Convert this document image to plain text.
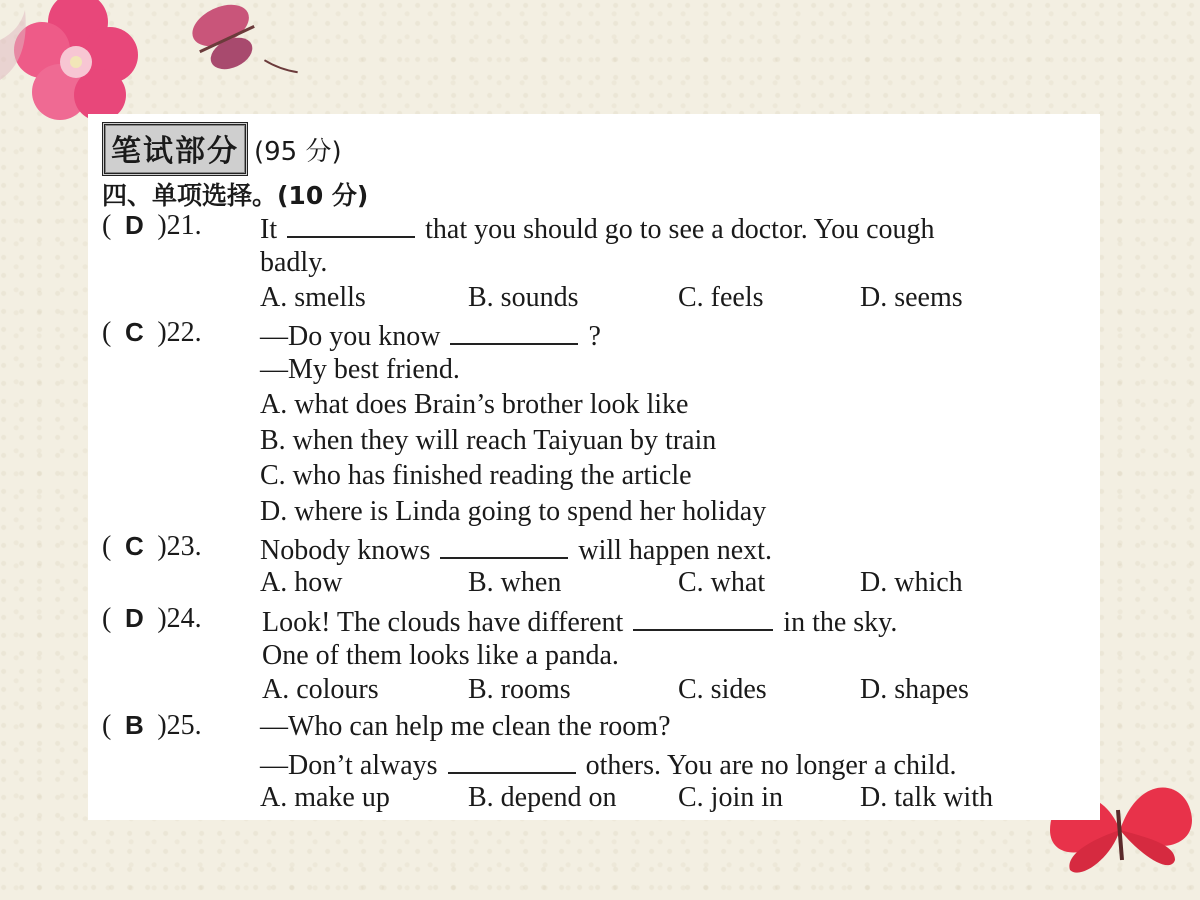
笔试部分 (95 分)
四、单项选择。(10 分)
( D )21.	It	that you should go to see a doctor. You cough
badly.
A. smells	B. sounds	C. feels	D. seems
( C )22.	—Do you know	?
—My best friend.
A. what does Brain’s brother look like
B. when they will reach Taiyuan by train
C. who has finished reading the article
D. where is Linda going to spend her holiday
( C )23.	Nobody knows	will happen next.
A. how	B. when	C. what	D. which
( D )24.	Look! The clouds have different	in the sky.
One of them looks like a panda.
A. colours	B. rooms	C. sides	D. shapes
( B )25.	—Who can help me clean the room?
—Don’t always	others. You are no longer a child.
A. make up	B. depend on C. join in	D. talk with
